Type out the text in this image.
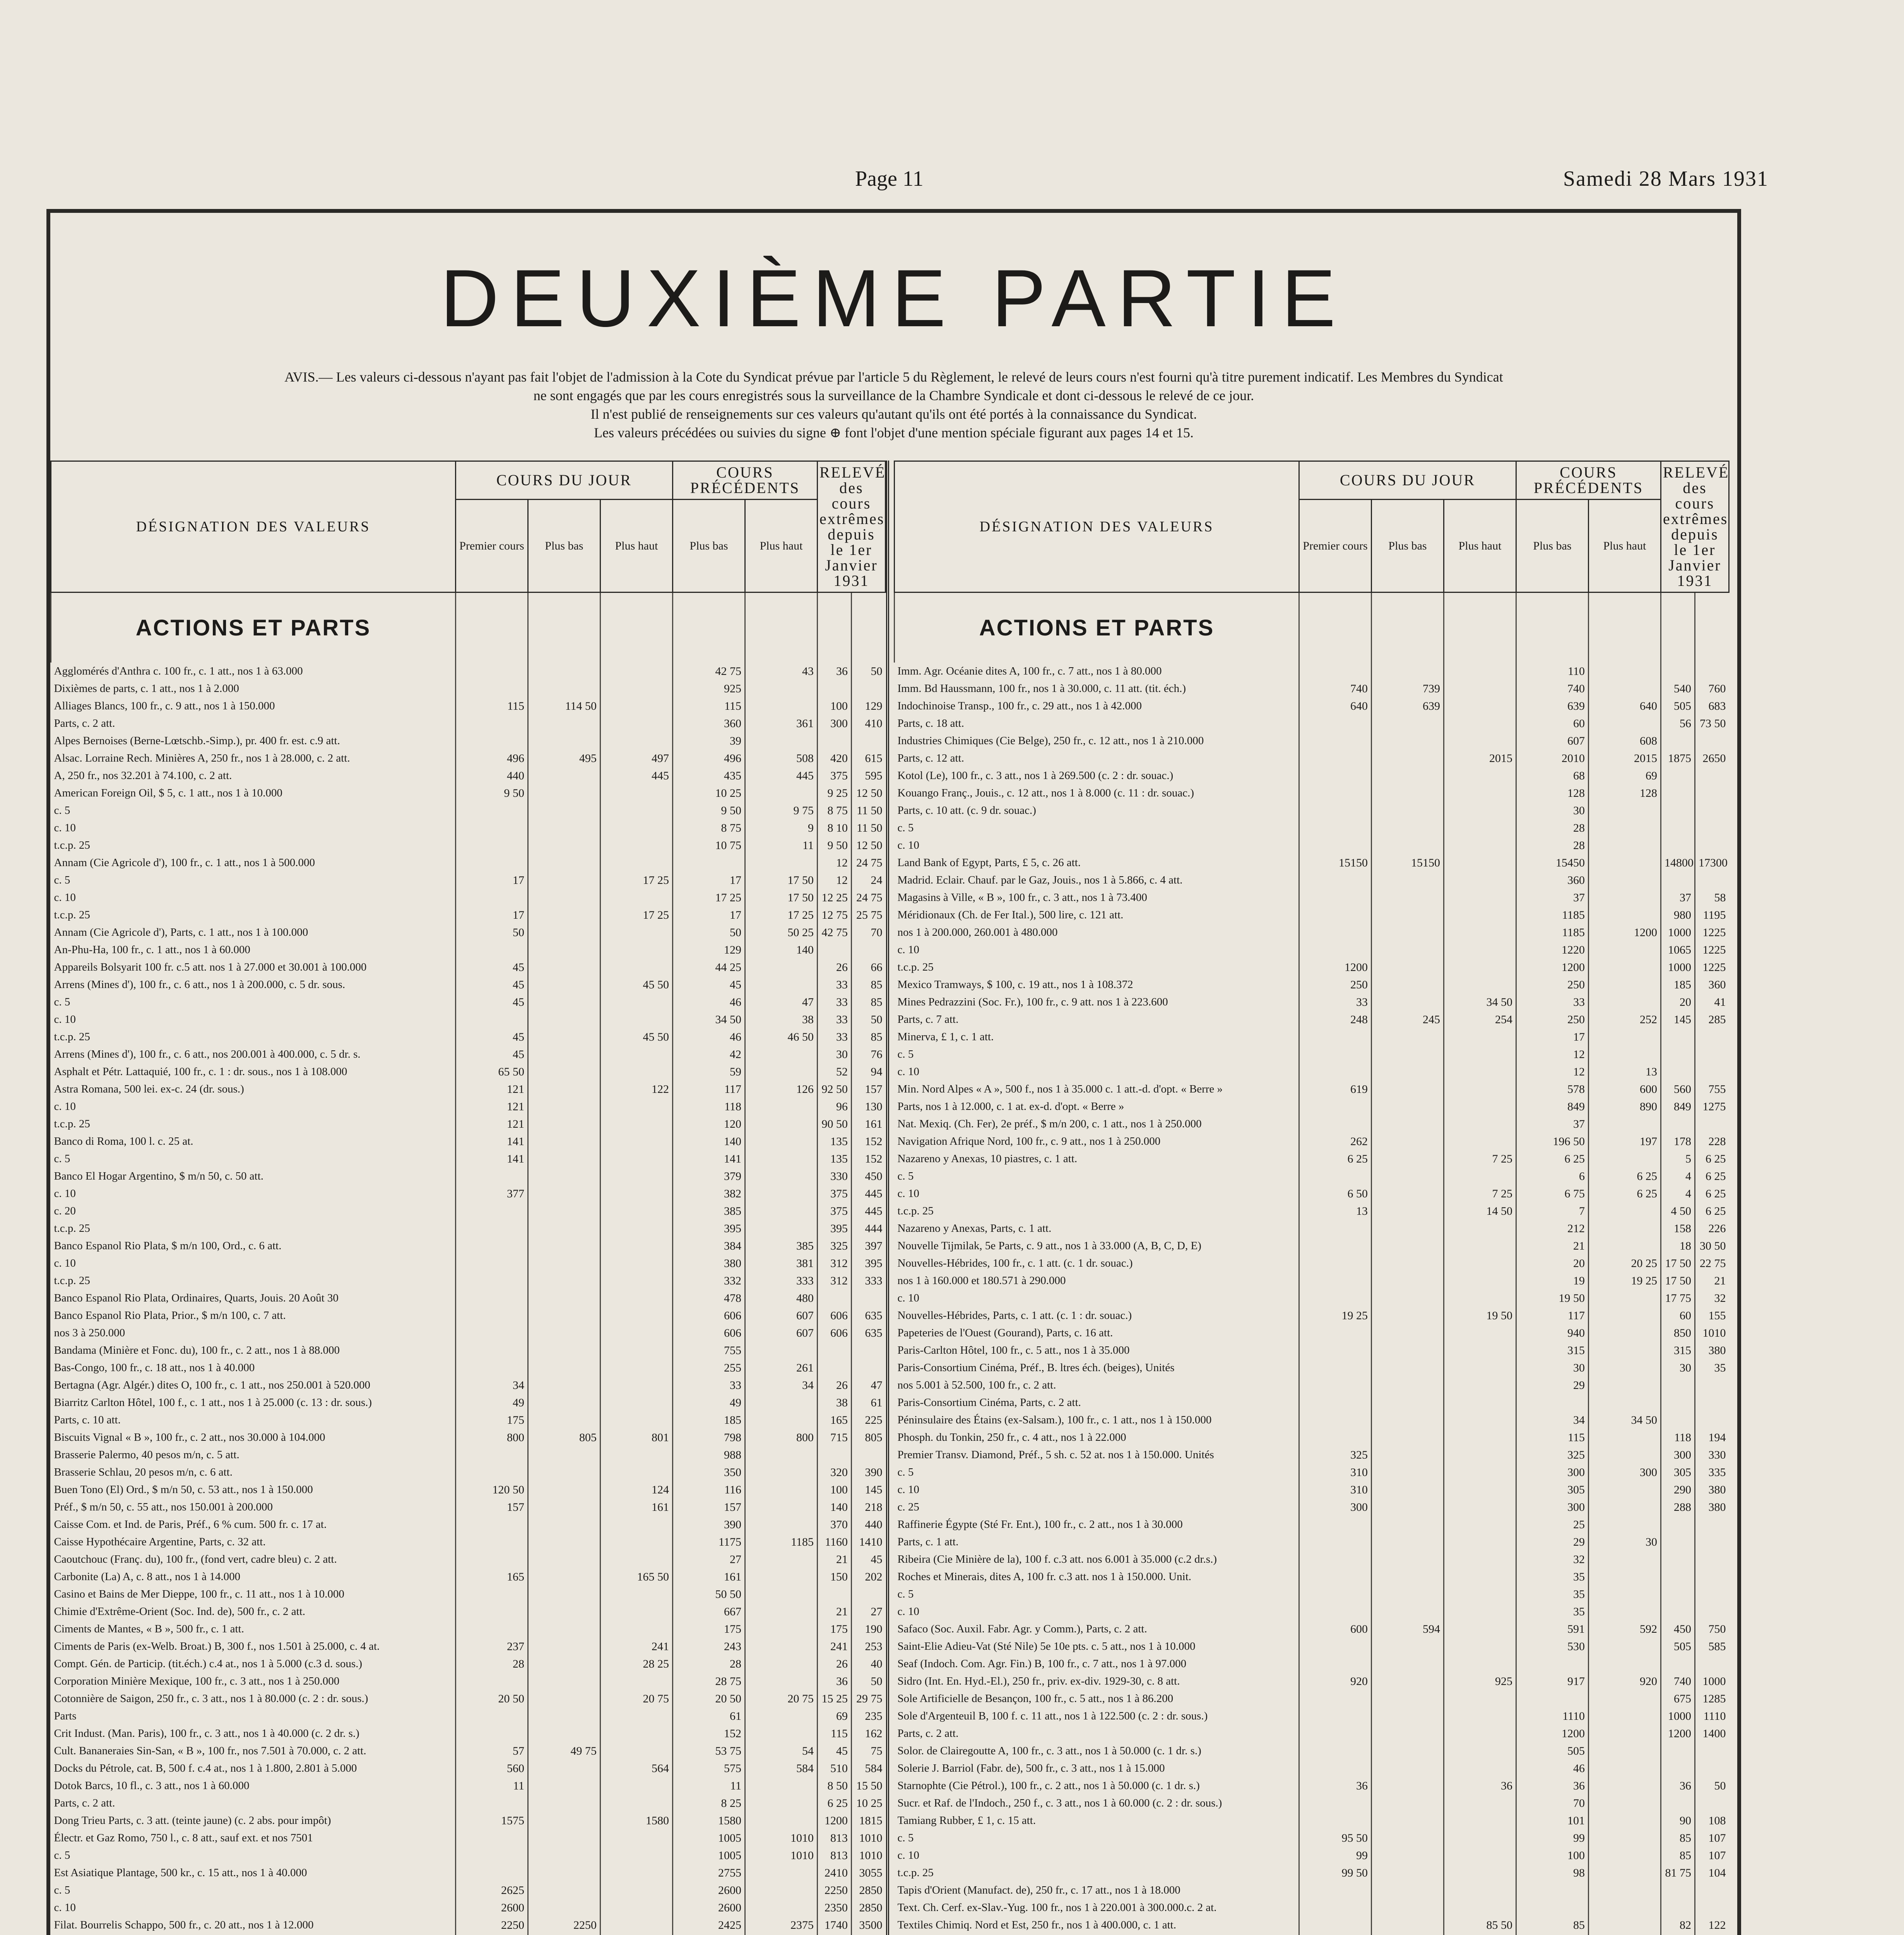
Page 11	Samedi 28 Mars 1931
DEUXIÈME PARTIE
AVIS.— Les valeurs ci-dessous n'ayant pas fait l'objet de l'admission à la Cote du Syndicat prévue par l'article 5 du Règlement, le relevé de leurs cours n'est fourni qu'à titre purement indicatif. Les Membres du Syndicat
ne sont engagés que par les cours enregistrés sous la surveillance de la Chambre Syndicale et dont ci-dessous le relevé de ce jour.
Il n'est publié de renseignements sur ces valeurs qu'autant qu'ils ont été portés à la connaissance du Syndicat.
Les valeurs précédées ou suivies du signe ⊕ font l'objet d'une mention spéciale figurant aux pages 14 et 15.
DÉSIGNATION DES VALEURS	COURS DU JOUR			COURS PRÉCÉDENTS		RELEVÉ des cours extrêmes depuis le 1er Janvier 1931	
	Premier cours	Plus bas	Plus haut	Plus bas	Plus haut		
ACTIONS ET PARTS							
Agglomérés d'Anthra c. 100 fr., c. 1 att., nos 1 à 63.000				42 75	43	36	50
Dixièmes de parts, c. 1 att., nos 1 à 2.000				925			
Alliages Blancs, 100 fr., c. 9 att., nos 1 à 150.000	115	114 50		115		100	129
Parts, c. 2 att.				360	361	300	410
Alpes Bernoises (Berne-Lœtschb.-Simp.), pr. 400 fr. est. c.9 att.				39			
Alsac. Lorraine Rech. Minières A, 250 fr., nos 1 à 28.000, c. 2 att.	496	495	497	496	508	420	615
A, 250 fr., nos 32.201 à 74.100, c. 2 att.	440		445	435	445	375	595
American Foreign Oil, $ 5, c. 1 att., nos 1 à 10.000	9 50			10 25		9 25	12 50
c. 5				9 50	9 75	8 75	11 50
c. 10				8 75	9	8 10	11 50
t.c.p. 25				10 75	11	9 50	12 50
Annam (Cie Agricole d'), 100 fr., c. 1 att., nos 1 à 500.000						12	24 75
c. 5	17		17 25	17	17 50	12	24
c. 10				17 25	17 50	12 25	24 75
t.c.p. 25	17		17 25	17	17 25	12 75	25 75
Annam (Cie Agricole d'), Parts, c. 1 att., nos 1 à 100.000	50			50	50 25	42 75	70
An-Phu-Ha, 100 fr., c. 1 att., nos 1 à 60.000				129	140		
Appareils Bolsyarit 100 fr. c.5 att. nos 1 à 27.000 et 30.001 à 100.000	45			44 25		26	66
Arrens (Mines d'), 100 fr., c. 6 att., nos 1 à 200.000, c. 5 dr. sous.	45		45 50	45		33	85
c. 5	45			46	47	33	85
c. 10				34 50	38	33	50
t.c.p. 25	45		45 50	46	46 50	33	85
Arrens (Mines d'), 100 fr., c. 6 att., nos 200.001 à 400.000, c. 5 dr. s.	45			42		30	76
Asphalt et Pétr. Lattaquié, 100 fr., c. 1 : dr. sous., nos 1 à 108.000	65 50			59		52	94
Astra Romana, 500 lei. ex-c. 24 (dr. sous.)	121		122	117	126	92 50	157
c. 10	121			118		96	130
t.c.p. 25	121			120		90 50	161
Banco di Roma, 100 l. c. 25 at.	141			140		135	152
c. 5	141			141		135	152
Banco El Hogar Argentino, $ m/n 50, c. 50 att.				379		330	450
c. 10	377			382		375	445
c. 20				385		375	445
t.c.p. 25				395		395	444
Banco Espanol Rio Plata, $ m/n 100, Ord., c. 6 att.				384	385	325	397
c. 10				380	381	312	395
t.c.p. 25				332	333	312	333
Banco Espanol Rio Plata, Ordinaires, Quarts, Jouis. 20 Août 30				478	480		
Banco Espanol Rio Plata, Prior., $ m/n 100, c. 7 att.				606	607	606	635
nos 3 à 250.000				606	607	606	635
Bandama (Minière et Fonc. du), 100 fr., c. 2 att., nos 1 à 88.000				755			
Bas-Congo, 100 fr., c. 18 att., nos 1 à 40.000				255	261		
Bertagna (Agr. Algér.) dites O, 100 fr., c. 1 att., nos 250.001 à 520.000	34			33	34	26	47
Biarritz Carlton Hôtel, 100 f., c. 1 att., nos 1 à 25.000 (c. 13 : dr. sous.)	49			49		38	61
Parts, c. 10 att.	175			185		165	225
Biscuits Vignal « B », 100 fr., c. 2 att., nos 30.000 à 104.000	800	805	801	798	800	715	805
Brasserie Palermo, 40 pesos m/n, c. 5 att.				988			
Brasserie Schlau, 20 pesos m/n, c. 6 att.				350		320	390
Buen Tono (El) Ord., $ m/n 50, c. 53 att., nos 1 à 150.000	120 50		124	116		100	145
Préf., $ m/n 50, c. 55 att., nos 150.001 à 200.000	157		161	157		140	218
Caisse Com. et Ind. de Paris, Préf., 6 % cum. 500 fr. c. 17 at.				390		370	440
Caisse Hypothécaire Argentine, Parts, c. 32 att.				1175	1185	1160	1410
Caoutchouc (Franç. du), 100 fr., (fond vert, cadre bleu) c. 2 att.				27		21	45
Carbonite (La) A, c. 8 att., nos 1 à 14.000	165		165 50	161		150	202
Casino et Bains de Mer Dieppe, 100 fr., c. 11 att., nos 1 à 10.000				50 50			
Chimie d'Extrême-Orient (Soc. Ind. de), 500 fr., c. 2 att.				667		21	27
Ciments de Mantes, « B », 500 fr., c. 1 att.				175		175	190
Ciments de Paris (ex-Welb. Broat.) B, 300 f., nos 1.501 à 25.000, c. 4 at.	237		241	243		241	253
Compt. Gén. de Particip. (tit.éch.) c.4 at., nos 1 à 5.000 (c.3 d. sous.)	28		28 25	28		26	40
Corporation Minière Mexique, 100 fr., c. 3 att., nos 1 à 250.000				28 75		36	50
Cotonnière de Saigon, 250 fr., c. 3 att., nos 1 à 80.000 (c. 2 : dr. sous.)	20 50		20 75	20 50	20 75	15 25	29 75
Parts				61		69	235
Crit Indust. (Man. Paris), 100 fr., c. 3 att., nos 1 à 40.000 (c. 2 dr. s.)				152		115	162
Cult. Bananeraies Sin-San, « B », 100 fr., nos 7.501 à 70.000, c. 2 att.	57	49 75		53 75	54	45	75
Docks du Pétrole, cat. B, 500 f. c.4 at., nos 1 à 1.800, 2.801 à 5.000	560		564	575	584	510	584
Dotok Barcs, 10 fl., c. 3 att., nos 1 à 60.000	11			11		8 50	15 50
Parts, c. 2 att.				8 25		6 25	10 25
Dong Trieu Parts, c. 3 att. (teinte jaune) (c. 2 abs. pour impôt)	1575		1580	1580		1200	1815
Électr. et Gaz Romo, 750 l., c. 8 att., sauf ext. et nos 7501				1005	1010	813	1010
c. 5				1005	1010	813	1010
Est Asiatique Plantage, 500 kr., c. 15 att., nos 1 à 40.000				2755		2410	3055
c. 5	2625			2600		2250	2850
c. 10	2600			2600		2350	2850
Filat. Bourrelis Schappo, 500 fr., c. 20 att., nos 1 à 12.000	2250	2250		2425	2375	1740	3500

DÉSIGNATION DES VALEURS	COURS DU JOUR			COURS PRÉCÉDENTS		RELEVÉ des cours extrêmes depuis le 1er Janvier 1931	
	Premier cours	Plus bas	Plus haut	Plus bas	Plus haut		
ACTIONS ET PARTS							
Imm. Agr. Océanie dites A, 100 fr., c. 7 att., nos 1 à 80.000				110			
Imm. Bd Haussmann, 100 fr., nos 1 à 30.000, c. 11 att. (tit. éch.)	740	739		740		540	760
Indochinoise Transp., 100 fr., c. 29 att., nos 1 à 42.000	640	639		639	640	505	683
Parts, c. 18 att.				60		56	73 50
Industries Chimiques (Cie Belge), 250 fr., c. 12 att., nos 1 à 210.000				607	608		
Parts, c. 12 att.			2015	2010	2015	1875	2650
Kotol (Le), 100 fr., c. 3 att., nos 1 à 269.500 (c. 2 : dr. souac.)				68	69		
Kouango Franç., Jouis., c. 12 att., nos 1 à 8.000 (c. 11 : dr. souac.)				128	128		
Parts, c. 10 att. (c. 9 dr. souac.)				30			
c. 5				28			
c. 10				28			
Land Bank of Egypt, Parts, £ 5, c. 26 att.	15150	15150		15450		14800	17300
Madrid. Eclair. Chauf. par le Gaz, Jouis., nos 1 à 5.866, c. 4 att.				360			
Magasins à Ville, « B », 100 fr., c. 3 att., nos 1 à 73.400				37		37	58
Méridionaux (Ch. de Fer Ital.), 500 lire, c. 121 att.				1185		980	1195
nos 1 à 200.000, 260.001 à 480.000				1185	1200	1000	1225
c. 10				1220		1065	1225
t.c.p. 25	1200			1200		1000	1225
Mexico Tramways, $ 100, c. 19 att., nos 1 à 108.372	250			250		185	360
Mines Pedrazzini (Soc. Fr.), 100 fr., c. 9 att. nos 1 à 223.600	33		34 50	33		20	41
Parts, c. 7 att.	248	245	254	250	252	145	285
Minerva, £ 1, c. 1 att.				17			
c. 5				12			
c. 10				12	13		
Min. Nord Alpes « A », 500 f., nos 1 à 35.000 c. 1 att.-d. d'opt. « Berre »	619			578	600	560	755
Parts, nos 1 à 12.000, c. 1 at. ex-d. d'opt. « Berre »				849	890	849	1275
Nat. Mexiq. (Ch. Fer), 2e préf., $ m/n 200, c. 1 att., nos 1 à 250.000				37			
Navigation Afrique Nord, 100 fr., c. 9 att., nos 1 à 250.000	262			196 50	197	178	228
Nazareno y Anexas, 10 piastres, c. 1 att.	6 25		7 25	6 25		5	6 25
c. 5				6	6 25	4	6 25
c. 10	6 50		7 25	6 75	6 25	4	6 25
t.c.p. 25	13		14 50	7		4 50	6 25
Nazareno y Anexas, Parts, c. 1 att.				212		158	226
Nouvelle Tijmilak, 5e Parts, c. 9 att., nos 1 à 33.000 (A, B, C, D, E)				21		18	30 50
Nouvelles-Hébrides, 100 fr., c. 1 att. (c. 1 dr. souac.)				20	20 25	17 50	22 75
nos 1 à 160.000 et 180.571 à 290.000				19	19 25	17 50	21
c. 10				19 50		17 75	32
Nouvelles-Hébrides, Parts, c. 1 att. (c. 1 : dr. souac.)	19 25		19 50	117		60	155
Papeteries de l'Ouest (Gourand), Parts, c. 16 att.				940		850	1010
Paris-Carlton Hôtel, 100 fr., c. 5 att., nos 1 à 35.000				315		315	380
Paris-Consortium Cinéma, Préf., B. ltres éch. (beiges), Unités				30		30	35
nos 5.001 à 52.500, 100 fr., c. 2 att.				29			
Paris-Consortium Cinéma, Parts, c. 2 att.							
Péninsulaire des Étains (ex-Salsam.), 100 fr., c. 1 att., nos 1 à 150.000				34	34 50		
Phosph. du Tonkin, 250 fr., c. 4 att., nos 1 à 22.000				115		118	194
Premier Transv. Diamond, Préf., 5 sh. c. 52 at. nos 1 à 150.000. Unités	325			325		300	330
c. 5	310			300	300	305	335
c. 10	310			305		290	380
c. 25	300			300		288	380
Raffinerie Égypte (Sté Fr. Ent.), 100 fr., c. 2 att., nos 1 à 30.000				25			
Parts, c. 1 att.				29	30		
Ribeira (Cie Minière de la), 100 f. c.3 att. nos 6.001 à 35.000 (c.2 dr.s.)				32			
Roches et Minerais, dites A, 100 fr. c.3 att. nos 1 à 150.000. Unit.				35			
c. 5				35			
c. 10				35			
Safaco (Soc. Auxil. Fabr. Agr. y Comm.), Parts, c. 2 att.	600	594		591	592	450	750
Saint-Elie Adieu-Vat (Sté Nile) 5e 10e pts. c. 5 att., nos 1 à 10.000				530		505	585
Seaf (Indoch. Com. Agr. Fin.) B, 100 fr., c. 7 att., nos 1 à 97.000							
Sidro (Int. En. Hyd.-El.), 250 fr., priv. ex-div. 1929-30, c. 8 att.	920		925	917	920	740	1000
Sole Artificielle de Besançon, 100 fr., c. 5 att., nos 1 à 86.200						675	1285
Sole d'Argenteuil B, 100 f. c. 11 att., nos 1 à 122.500 (c. 2 : dr. sous.)				1110		1000	1110
Parts, c. 2 att.				1200		1200	1400
Solor. de Clairegoutte A, 100 fr., c. 3 att., nos 1 à 50.000 (c. 1 dr. s.)				505			
Solerie J. Barriol (Fabr. de), 500 fr., c. 3 att., nos 1 à 15.000				46			
Starnophte (Cie Pétrol.), 100 fr., c. 2 att., nos 1 à 50.000 (c. 1 dr. s.)	36		36	36		36	50
Sucr. et Raf. de l'Indoch., 250 f., c. 3 att., nos 1 à 60.000 (c. 2 : dr. sous.)				70			
Tamiang Rubber, £ 1, c. 15 att.				101		90	108
c. 5	95 50			99		85	107
c. 10	99			100		85	107
t.c.p. 25	99 50			98		81 75	104
Tapis d'Orient (Manufact. de), 250 fr., c. 17 att., nos 1 à 18.000							
Text. Ch. Cerf. ex-Slav.-Yug. 100 fr., nos 1 à 220.001 à 300.000.c. 2 at.							
Textiles Chimiq. Nord et Est, 250 fr., nos 1 à 400.000, c. 1 att.			85 50	85		82	122
